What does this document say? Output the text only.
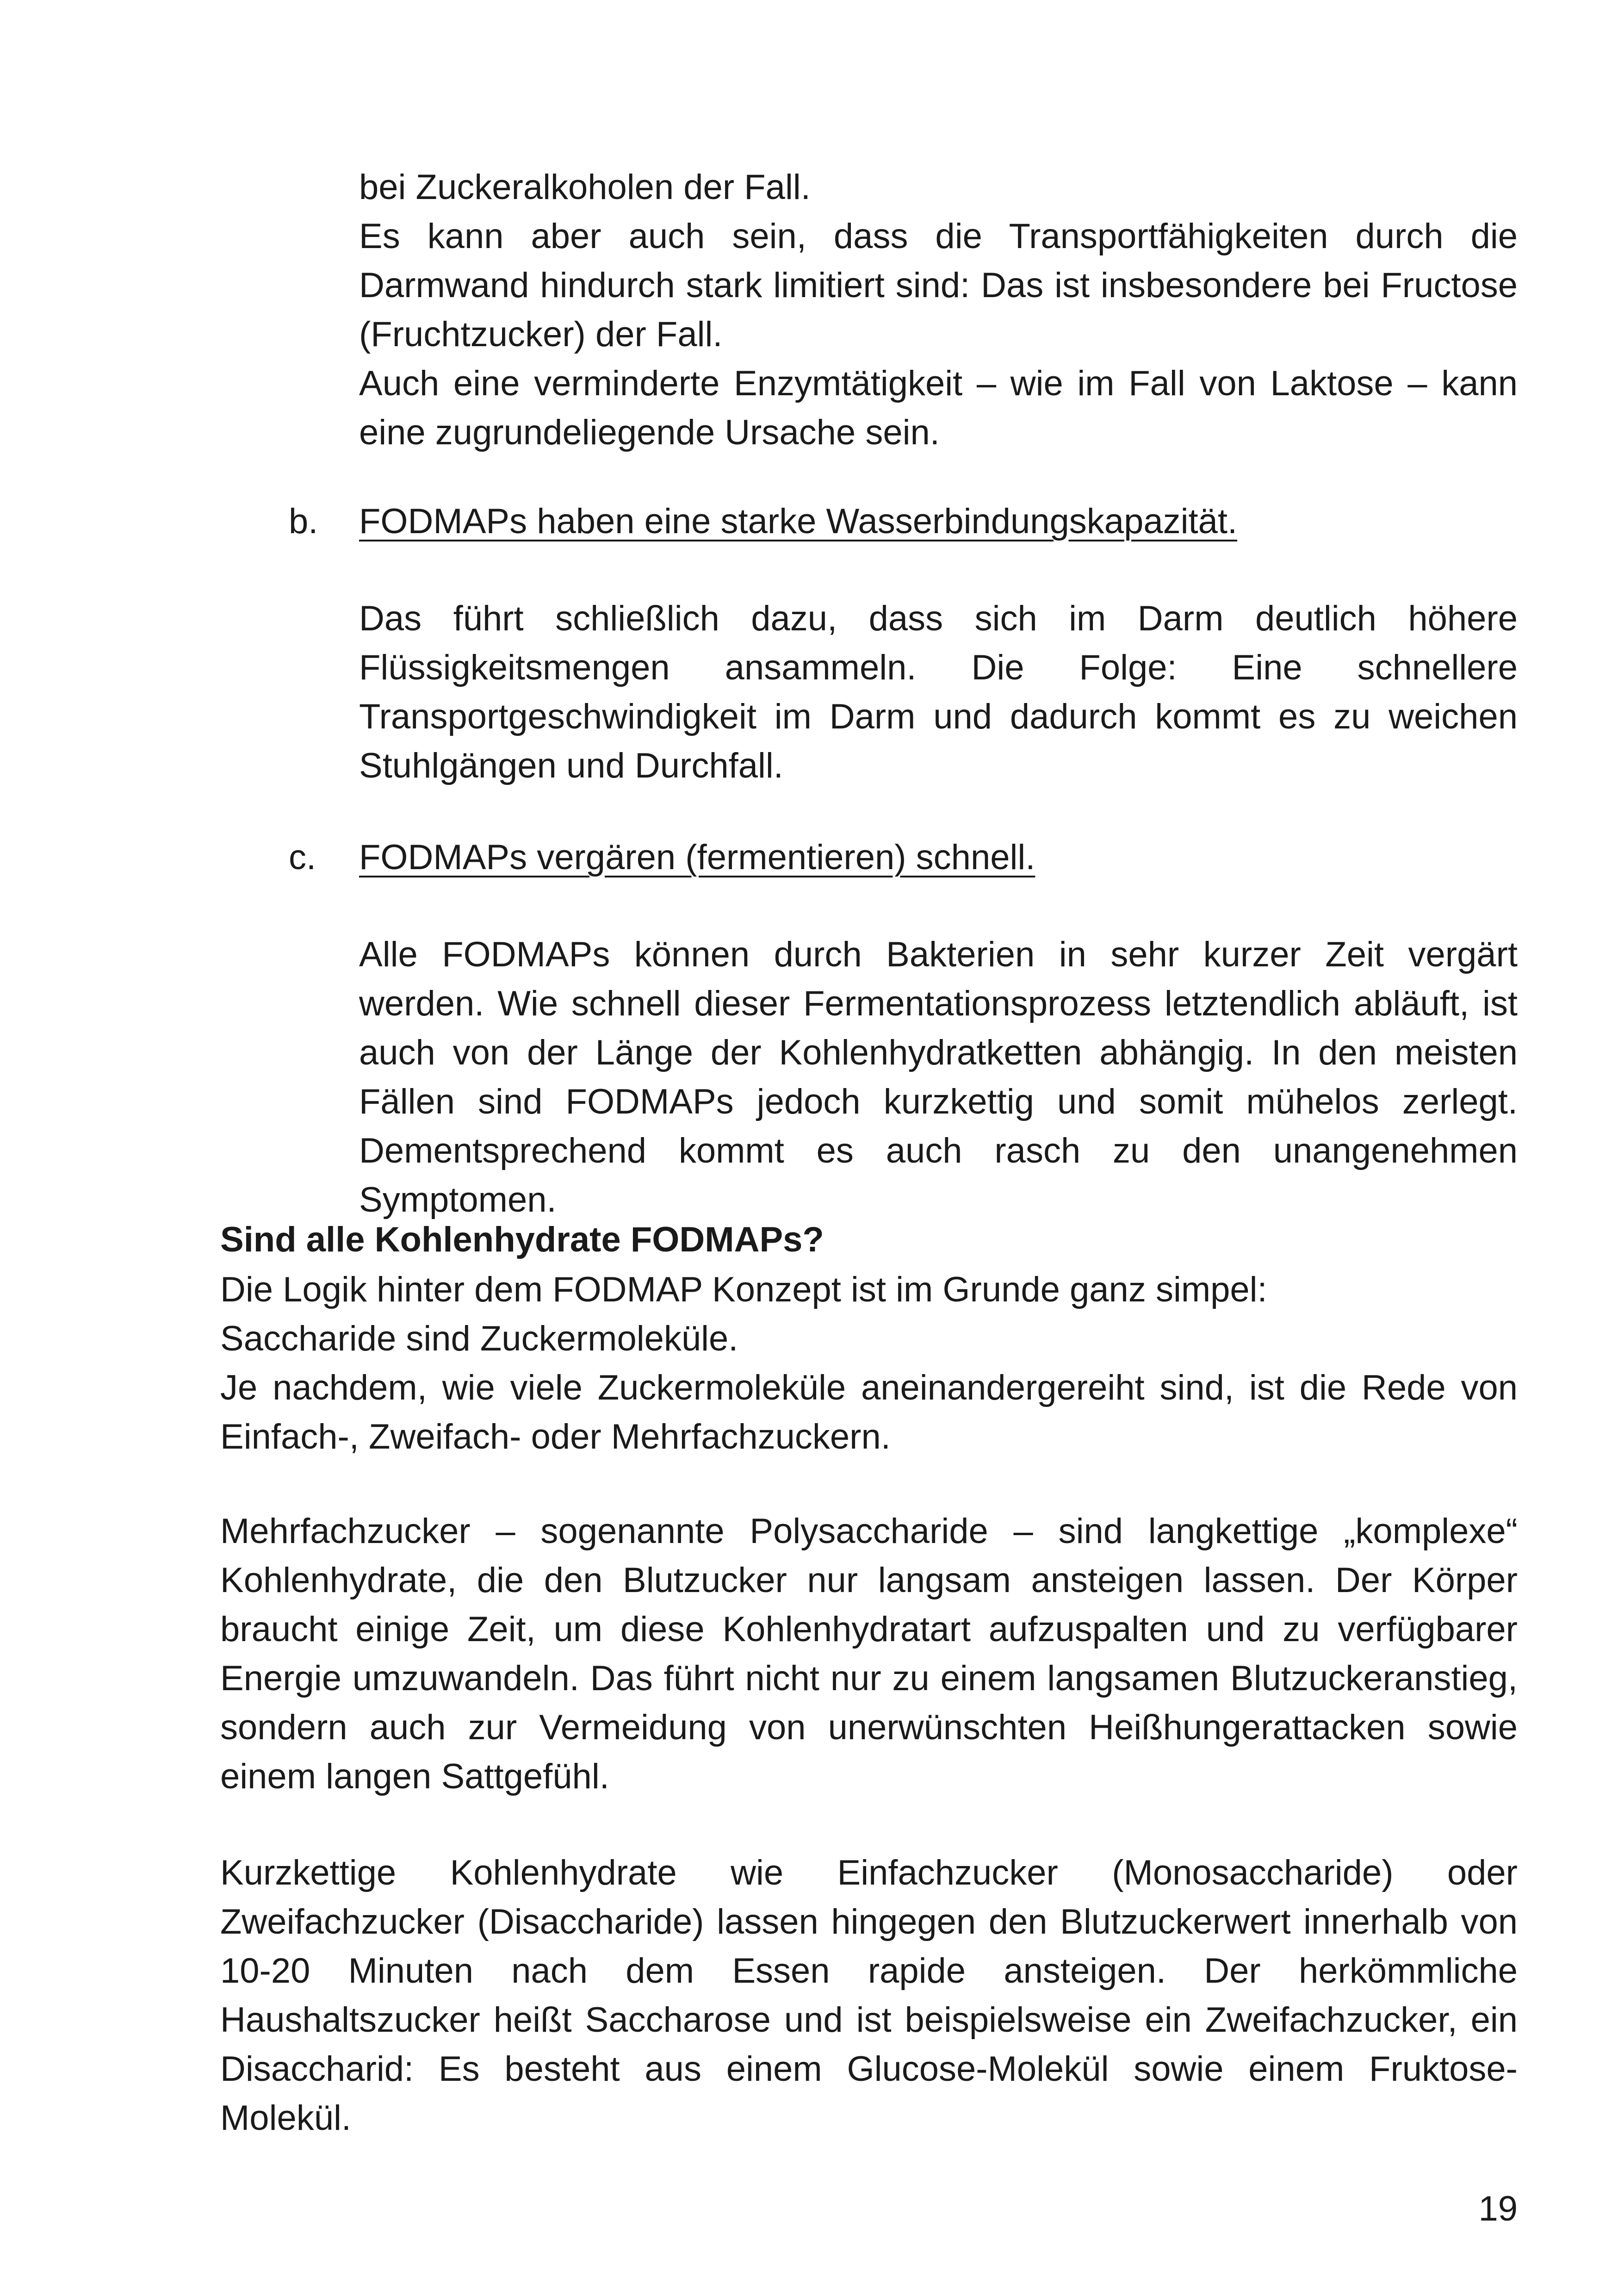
bei Zuckeralkoholen der Fall.

Es kann aber auch sein, dass die Transportfähigkeiten durch die Darmwand hindurch stark limitiert sind: Das ist insbesondere bei Fructose (Fruchtzucker) der Fall.

Auch eine verminderte Enzymtätigkeit – wie im Fall von Laktose – kann eine zugrundeliegende Ursache sein.

b. FODMAPs haben eine starke Wasserbindungskapazität.

Das führt schließlich dazu, dass sich im Darm deutlich höhere Flüssigkeitsmengen ansammeln. Die Folge: Eine schnellere Transportgeschwindigkeit im Darm und dadurch kommt es zu weichen Stuhlgängen und Durchfall.

c. FODMAPs vergären (fermentieren) schnell.

Alle FODMAPs können durch Bakterien in sehr kurzer Zeit vergärt werden. Wie schnell dieser Fermentationsprozess letztendlich abläuft, ist auch von der Länge der Kohlenhydratketten abhängig. In den meisten Fällen sind FODMAPs jedoch kurzkettig und somit mühelos zerlegt. Dementsprechend kommt es auch rasch zu den unangenehmen Symptomen.

Sind alle Kohlenhydrate FODMAPs?

Die Logik hinter dem FODMAP Konzept ist im Grunde ganz simpel:

Saccharide sind Zuckermoleküle.

Je nachdem, wie viele Zuckermoleküle aneinandergereiht sind, ist die Rede von Einfach-, Zweifach- oder Mehrfachzuckern.

Mehrfachzucker – sogenannte Polysaccharide – sind langkettige „komplexe“ Kohlenhydrate, die den Blutzucker nur langsam ansteigen lassen. Der Körper braucht einige Zeit, um diese Kohlenhydratart aufzuspalten und zu verfügbarer Energie umzuwandeln. Das führt nicht nur zu einem langsamen Blutzuckeranstieg, sondern auch zur Vermeidung von unerwünschten Heißhungerattacken sowie einem langen Sattgefühl.

Kurzkettige Kohlenhydrate wie Einfachzucker (Monosaccharide) oder Zweifachzucker (Disaccharide) lassen hingegen den Blutzuckerwert innerhalb von 10-20 Minuten nach dem Essen rapide ansteigen. Der herkömmliche Haushaltszucker heißt Saccharose und ist beispielsweise ein Zweifachzucker, ein Disaccharid: Es besteht aus einem Glucose-Molekül sowie einem Fruktose-Molekül.

19
